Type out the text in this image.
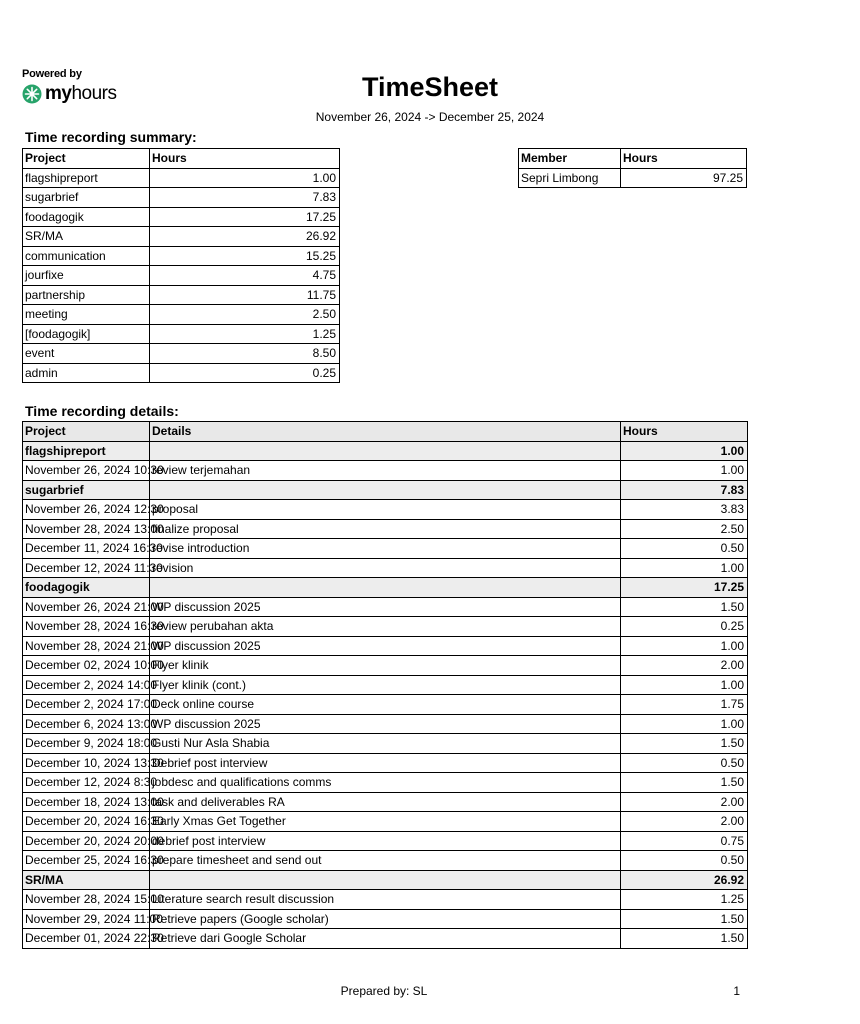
Powered by
myhours	TimeSheet
November 26, 2024 -> December 25, 2024
Time recording summary:
Project	Hours
flagshipreport	1.00
sugarbrief	7.83
foodagogik	17.25
SR/MA	26.92
communication	15.25
jourfixe	4.75
partnership	11.75
meeting	2.50
[foodagogik]	1.25
event	8.50
admin	0.25
Member	Hours
Sepri Limbong	97.25
Time recording details:
Project	Details	Hours
flagshipreport		1.00
November 26, 2024 10:30	review terjemahan	1.00
sugarbrief		7.83
November 26, 2024 12:30	proposal	3.83
November 28, 2024 13:00	finalize proposal	2.50
December 11, 2024 16:30	revise introduction	0.50
December 12, 2024 11:30	revision	1.00
foodagogik		17.25
November 26, 2024 21:00	WP discussion 2025	1.50
November 28, 2024 16:30	review perubahan akta	0.25
November 28, 2024 21:00	WP discussion 2025	1.00
December 02, 2024 10:00	Flyer klinik	2.00
December 2, 2024 14:00	Flyer klinik (cont.)	1.00
December 2, 2024 17:00	Deck online course	1.75
December 6, 2024 13:00	WP discussion 2025	1.00
December 9, 2024 18:00	Gusti Nur Asla Shabia	1.50
December 10, 2024 13:30	Debrief post interview	0.50
December 12, 2024 8:30	jobdesc and qualifications comms	1.50
December 18, 2024 13:00	task and deliverables RA	2.00
December 20, 2024 16:30	Early Xmas Get Together	2.00
December 20, 2024 20:00	debrief post interview	0.75
December 25, 2024 16:30	prepare timesheet and send out	0.50
SR/MA		26.92
November 28, 2024 15:00	Literature search result discussion	1.25
November 29, 2024 11:00	Retrieve papers (Google scholar)	1.50
December 01, 2024 22:30	Retrieve dari Google Scholar	1.50
Prepared by: SL	1
